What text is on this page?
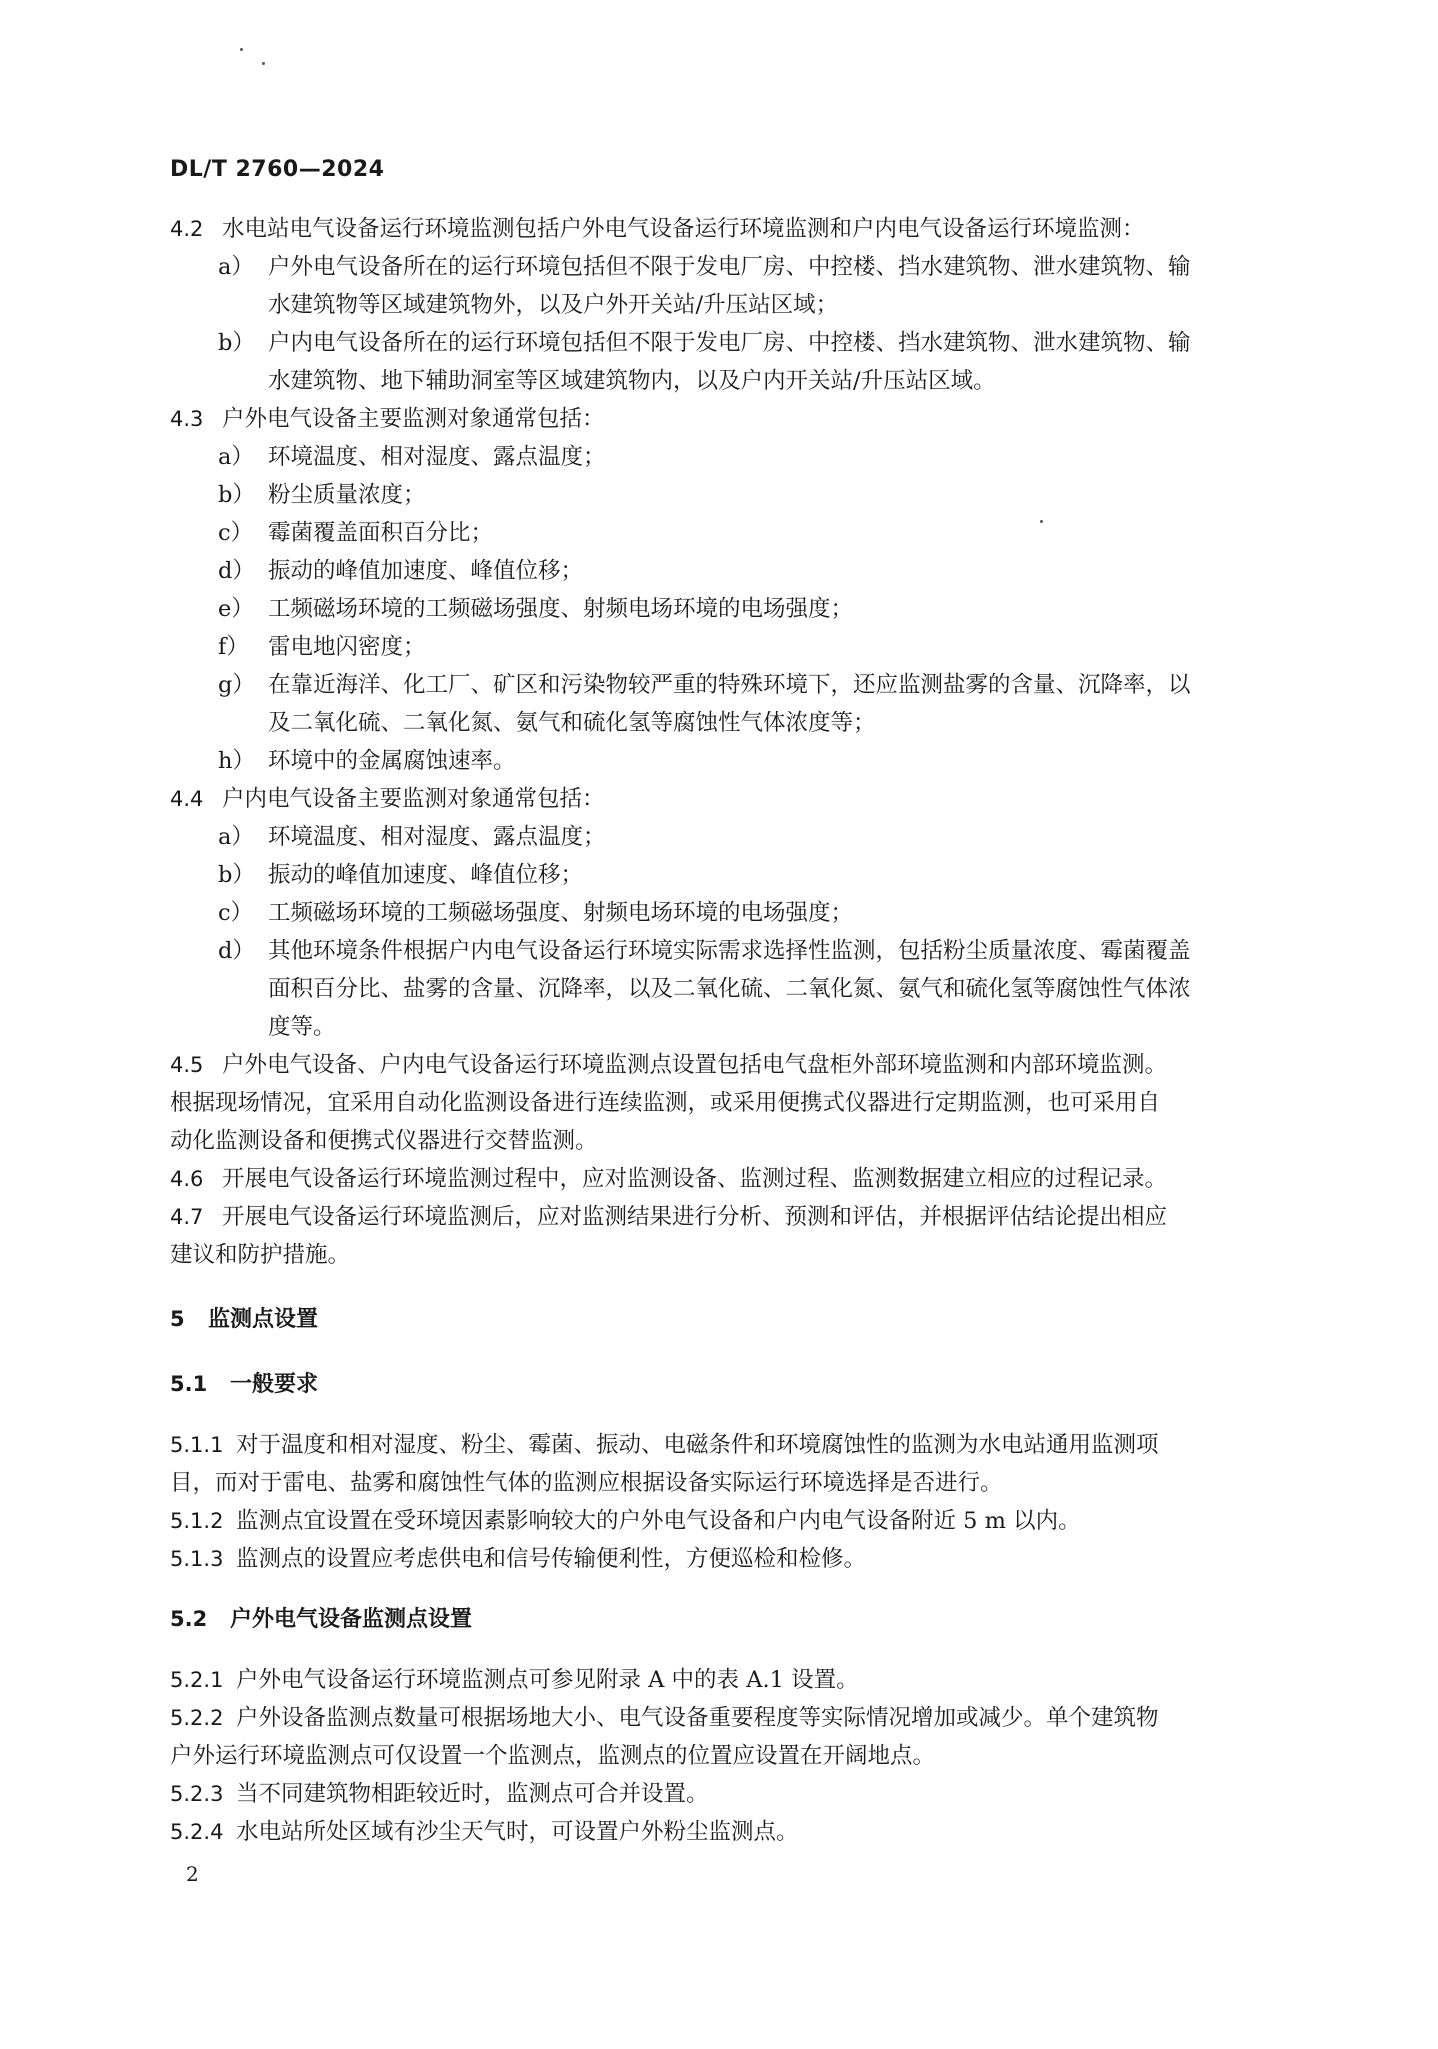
DL/T 2760—2024
4.2 水电站电气设备运行环境监测包括户外电气设备运行环境监测和户内电气设备运行环境监测：
a） 户外电气设备所在的运行环境包括但不限于发电厂房、中控楼、挡水建筑物、泄水建筑物、输
水建筑物等区域建筑物外，以及户外开关站/升压站区域；
b） 户内电气设备所在的运行环境包括但不限于发电厂房、中控楼、挡水建筑物、泄水建筑物、输
水建筑物、地下辅助洞室等区域建筑物内，以及户内开关站/升压站区域。
4.3 户外电气设备主要监测对象通常包括：
a） 环境温度、相对湿度、露点温度；
b） 粉尘质量浓度；
c） 霉菌覆盖面积百分比；
d） 振动的峰值加速度、峰值位移；
e） 工频磁场环境的工频磁场强度、射频电场环境的电场强度；
f） 雷电地闪密度；
g） 在靠近海洋、化工厂、矿区和污染物较严重的特殊环境下，还应监测盐雾的含量、沉降率，以
及二氧化硫、二氧化氮、氨气和硫化氢等腐蚀性气体浓度等；
h） 环境中的金属腐蚀速率。
4.4 户内电气设备主要监测对象通常包括：
a） 环境温度、相对湿度、露点温度；
b） 振动的峰值加速度、峰值位移；
c） 工频磁场环境的工频磁场强度、射频电场环境的电场强度；
d） 其他环境条件根据户内电气设备运行环境实际需求选择性监测，包括粉尘质量浓度、霉菌覆盖
面积百分比、盐雾的含量、沉降率，以及二氧化硫、二氧化氮、氨气和硫化氢等腐蚀性气体浓
度等。
4.5 户外电气设备、户内电气设备运行环境监测点设置包括电气盘柜外部环境监测和内部环境监测。
根据现场情况，宜采用自动化监测设备进行连续监测，或采用便携式仪器进行定期监测，也可采用自
动化监测设备和便携式仪器进行交替监测。
4.6 开展电气设备运行环境监测过程中，应对监测设备、监测过程、监测数据建立相应的过程记录。
4.7 开展电气设备运行环境监测后，应对监测结果进行分析、预测和评估，并根据评估结论提出相应
建议和防护措施。
5 监测点设置
5.1 一般要求
5.1.1 对于温度和相对湿度、粉尘、霉菌、振动、电磁条件和环境腐蚀性的监测为水电站通用监测项
目，而对于雷电、盐雾和腐蚀性气体的监测应根据设备实际运行环境选择是否进行。
5.1.2 监测点宜设置在受环境因素影响较大的户外电气设备和户内电气设备附近 5 m 以内。
5.1.3 监测点的设置应考虑供电和信号传输便利性，方便巡检和检修。
5.2 户外电气设备监测点设置
5.2.1 户外电气设备运行环境监测点可参见附录 A 中的表 A.1 设置。
5.2.2 户外设备监测点数量可根据场地大小、电气设备重要程度等实际情况增加或减少。单个建筑物
户外运行环境监测点可仅设置一个监测点，监测点的位置应设置在开阔地点。
5.2.3 当不同建筑物相距较近时，监测点可合并设置。
5.2.4 水电站所处区域有沙尘天气时，可设置户外粉尘监测点。
2
